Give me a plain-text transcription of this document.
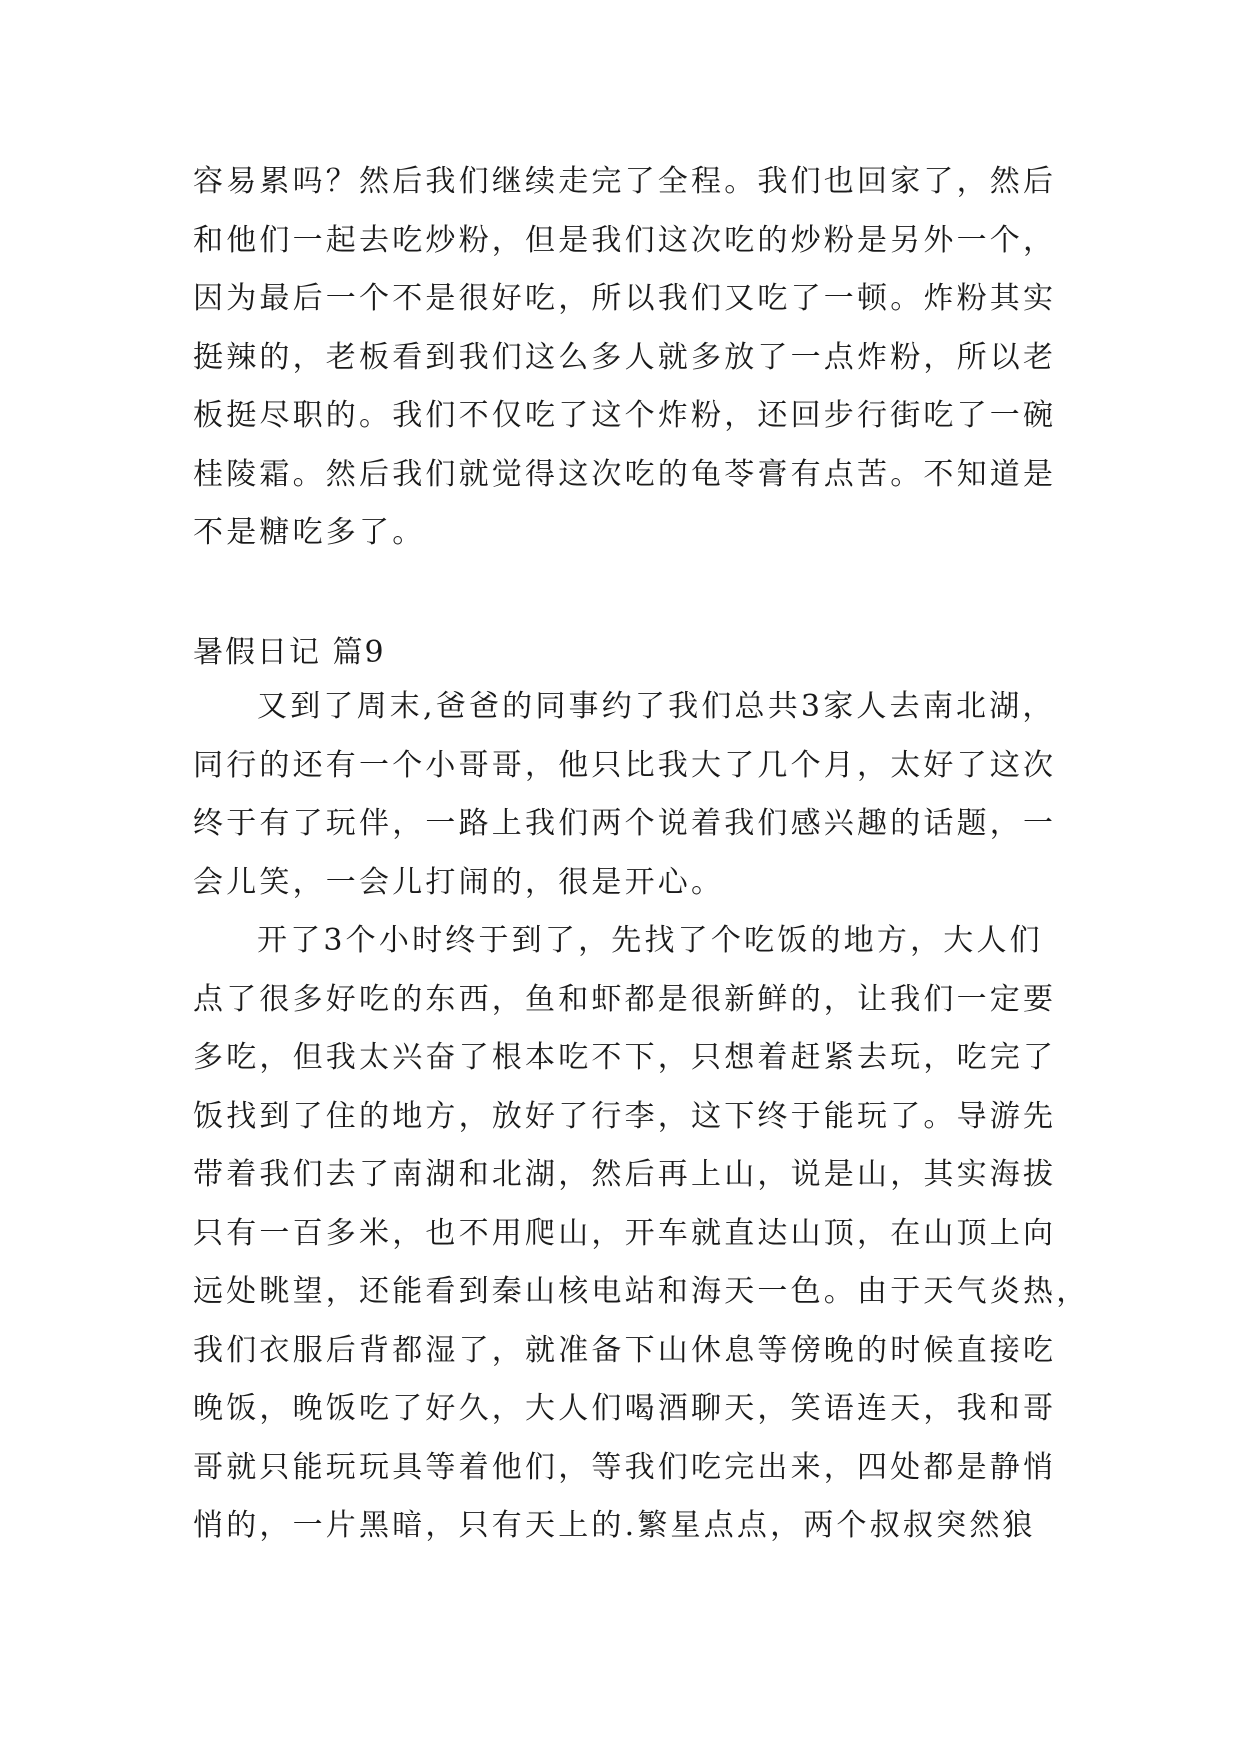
容易累吗？然后我们继续走完了全程。我们也回家了，然后
和他们一起去吃炒粉，但是我们这次吃的炒粉是另外一个，
因为最后一个不是很好吃，所以我们又吃了一顿。炸粉其实
挺辣的，老板看到我们这么多人就多放了一点炸粉，所以老
板挺尽职的。我们不仅吃了这个炸粉，还回步行街吃了一碗
桂陵霜。然后我们就觉得这次吃的龟苓膏有点苦。不知道是
不是糖吃多了。
暑假日记 篇9
又到了周末,爸爸的同事约了我们总共3家人去南北湖，
同行的还有一个小哥哥，他只比我大了几个月，太好了这次
终于有了玩伴，一路上我们两个说着我们感兴趣的话题，一
会儿笑，一会儿打闹的，很是开心。
开了3个小时终于到了，先找了个吃饭的地方，大人们
点了很多好吃的东西，鱼和虾都是很新鲜的，让我们一定要
多吃，但我太兴奋了根本吃不下，只想着赶紧去玩，吃完了
饭找到了住的地方，放好了行李，这下终于能玩了。导游先
带着我们去了南湖和北湖，然后再上山，说是山，其实海拔
只有一百多米，也不用爬山，开车就直达山顶，在山顶上向
远处眺望，还能看到秦山核电站和海天一色。由于天气炎热，
我们衣服后背都湿了，就准备下山休息等傍晚的时候直接吃
晚饭，晚饭吃了好久，大人们喝酒聊天，笑语连天，我和哥
哥就只能玩玩具等着他们，等我们吃完出来，四处都是静悄
悄的，一片黑暗，只有天上的.繁星点点，两个叔叔突然狼
